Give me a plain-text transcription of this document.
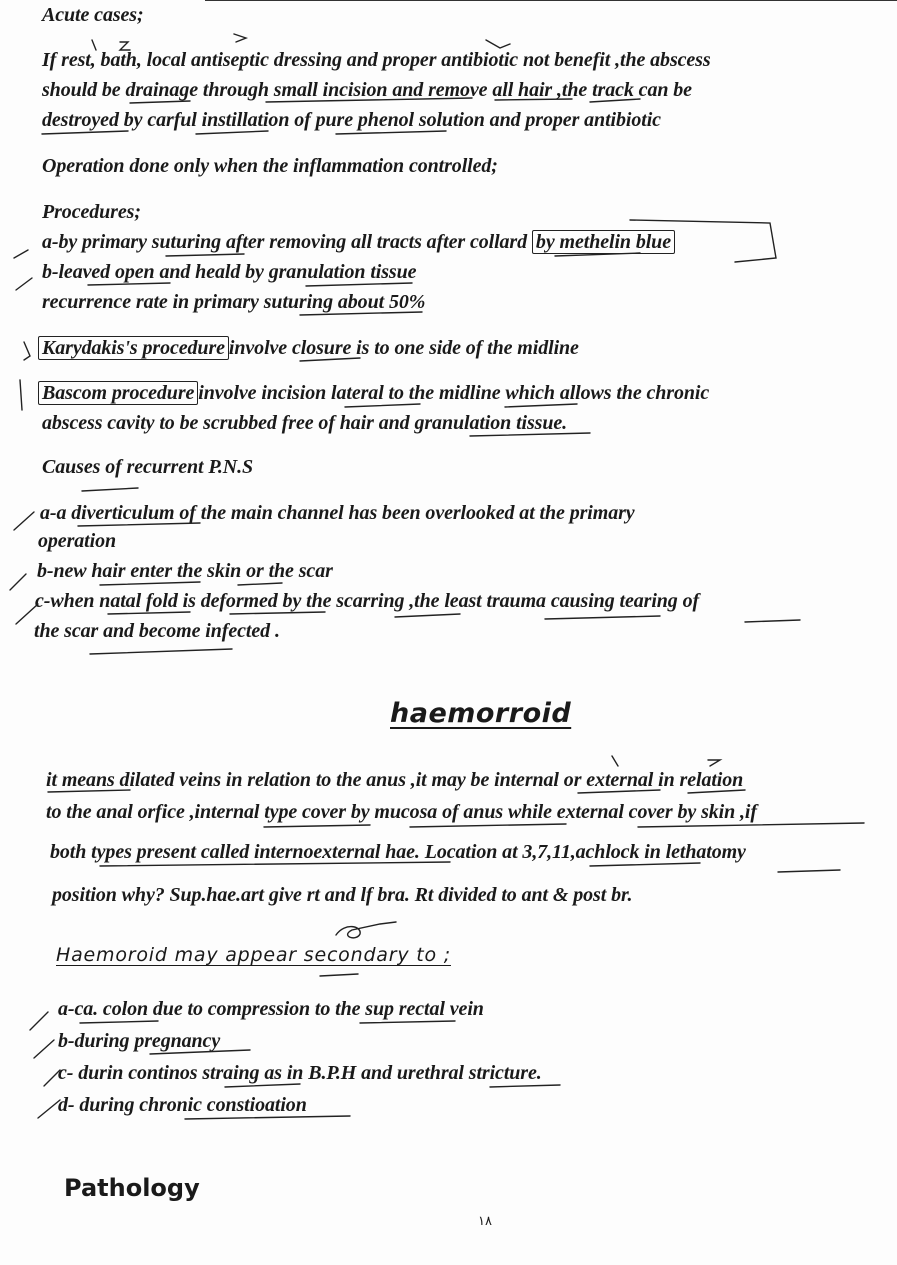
Acute cases;
If rest, bath, local antiseptic dressing and proper antibiotic not benefit ,the abscess
should be drainage through small incision and remove all hair ,the track can be
destroyed by carful instillation of pure phenol solution and proper antibiotic
Operation done only when the inflammation controlled;
Procedures;
a-by primary suturing after removing all tracts after collard by methelin blue
b-leaved open and heald by granulation tissue
recurrence rate in primary suturing about 50%
Karydakis's procedure involve closure is to one side of the midline
Bascom procedure involve incision lateral to the midline which allows the chronic
abscess cavity to be scrubbed free of hair and granulation tissue.
Causes of recurrent P.N.S
a-a diverticulum of the main channel has been overlooked at the primary
operation
b-new hair enter the skin or the scar
c-when natal fold is deformed by the scarring ,the least trauma causing tearing of
the scar and become infected .
haemorroid
it means dilated veins in relation to the anus ,it may be internal or external in relation
to the anal orfice ,internal type cover by mucosa of anus while external cover by skin ,if
both types present called internoexternal hae. Location at 3,7,11,achlock in lethatomy
position why? Sup.hae.art give rt and lf bra. Rt divided to ant & post br.
Haemoroid may appear secondary to ;
a-ca. colon due to compression to the sup rectal vein
b-during pregnancy
c- durin continos straing as in B.P.H and urethral stricture.
d- during chronic constioation
Pathology
١٨
